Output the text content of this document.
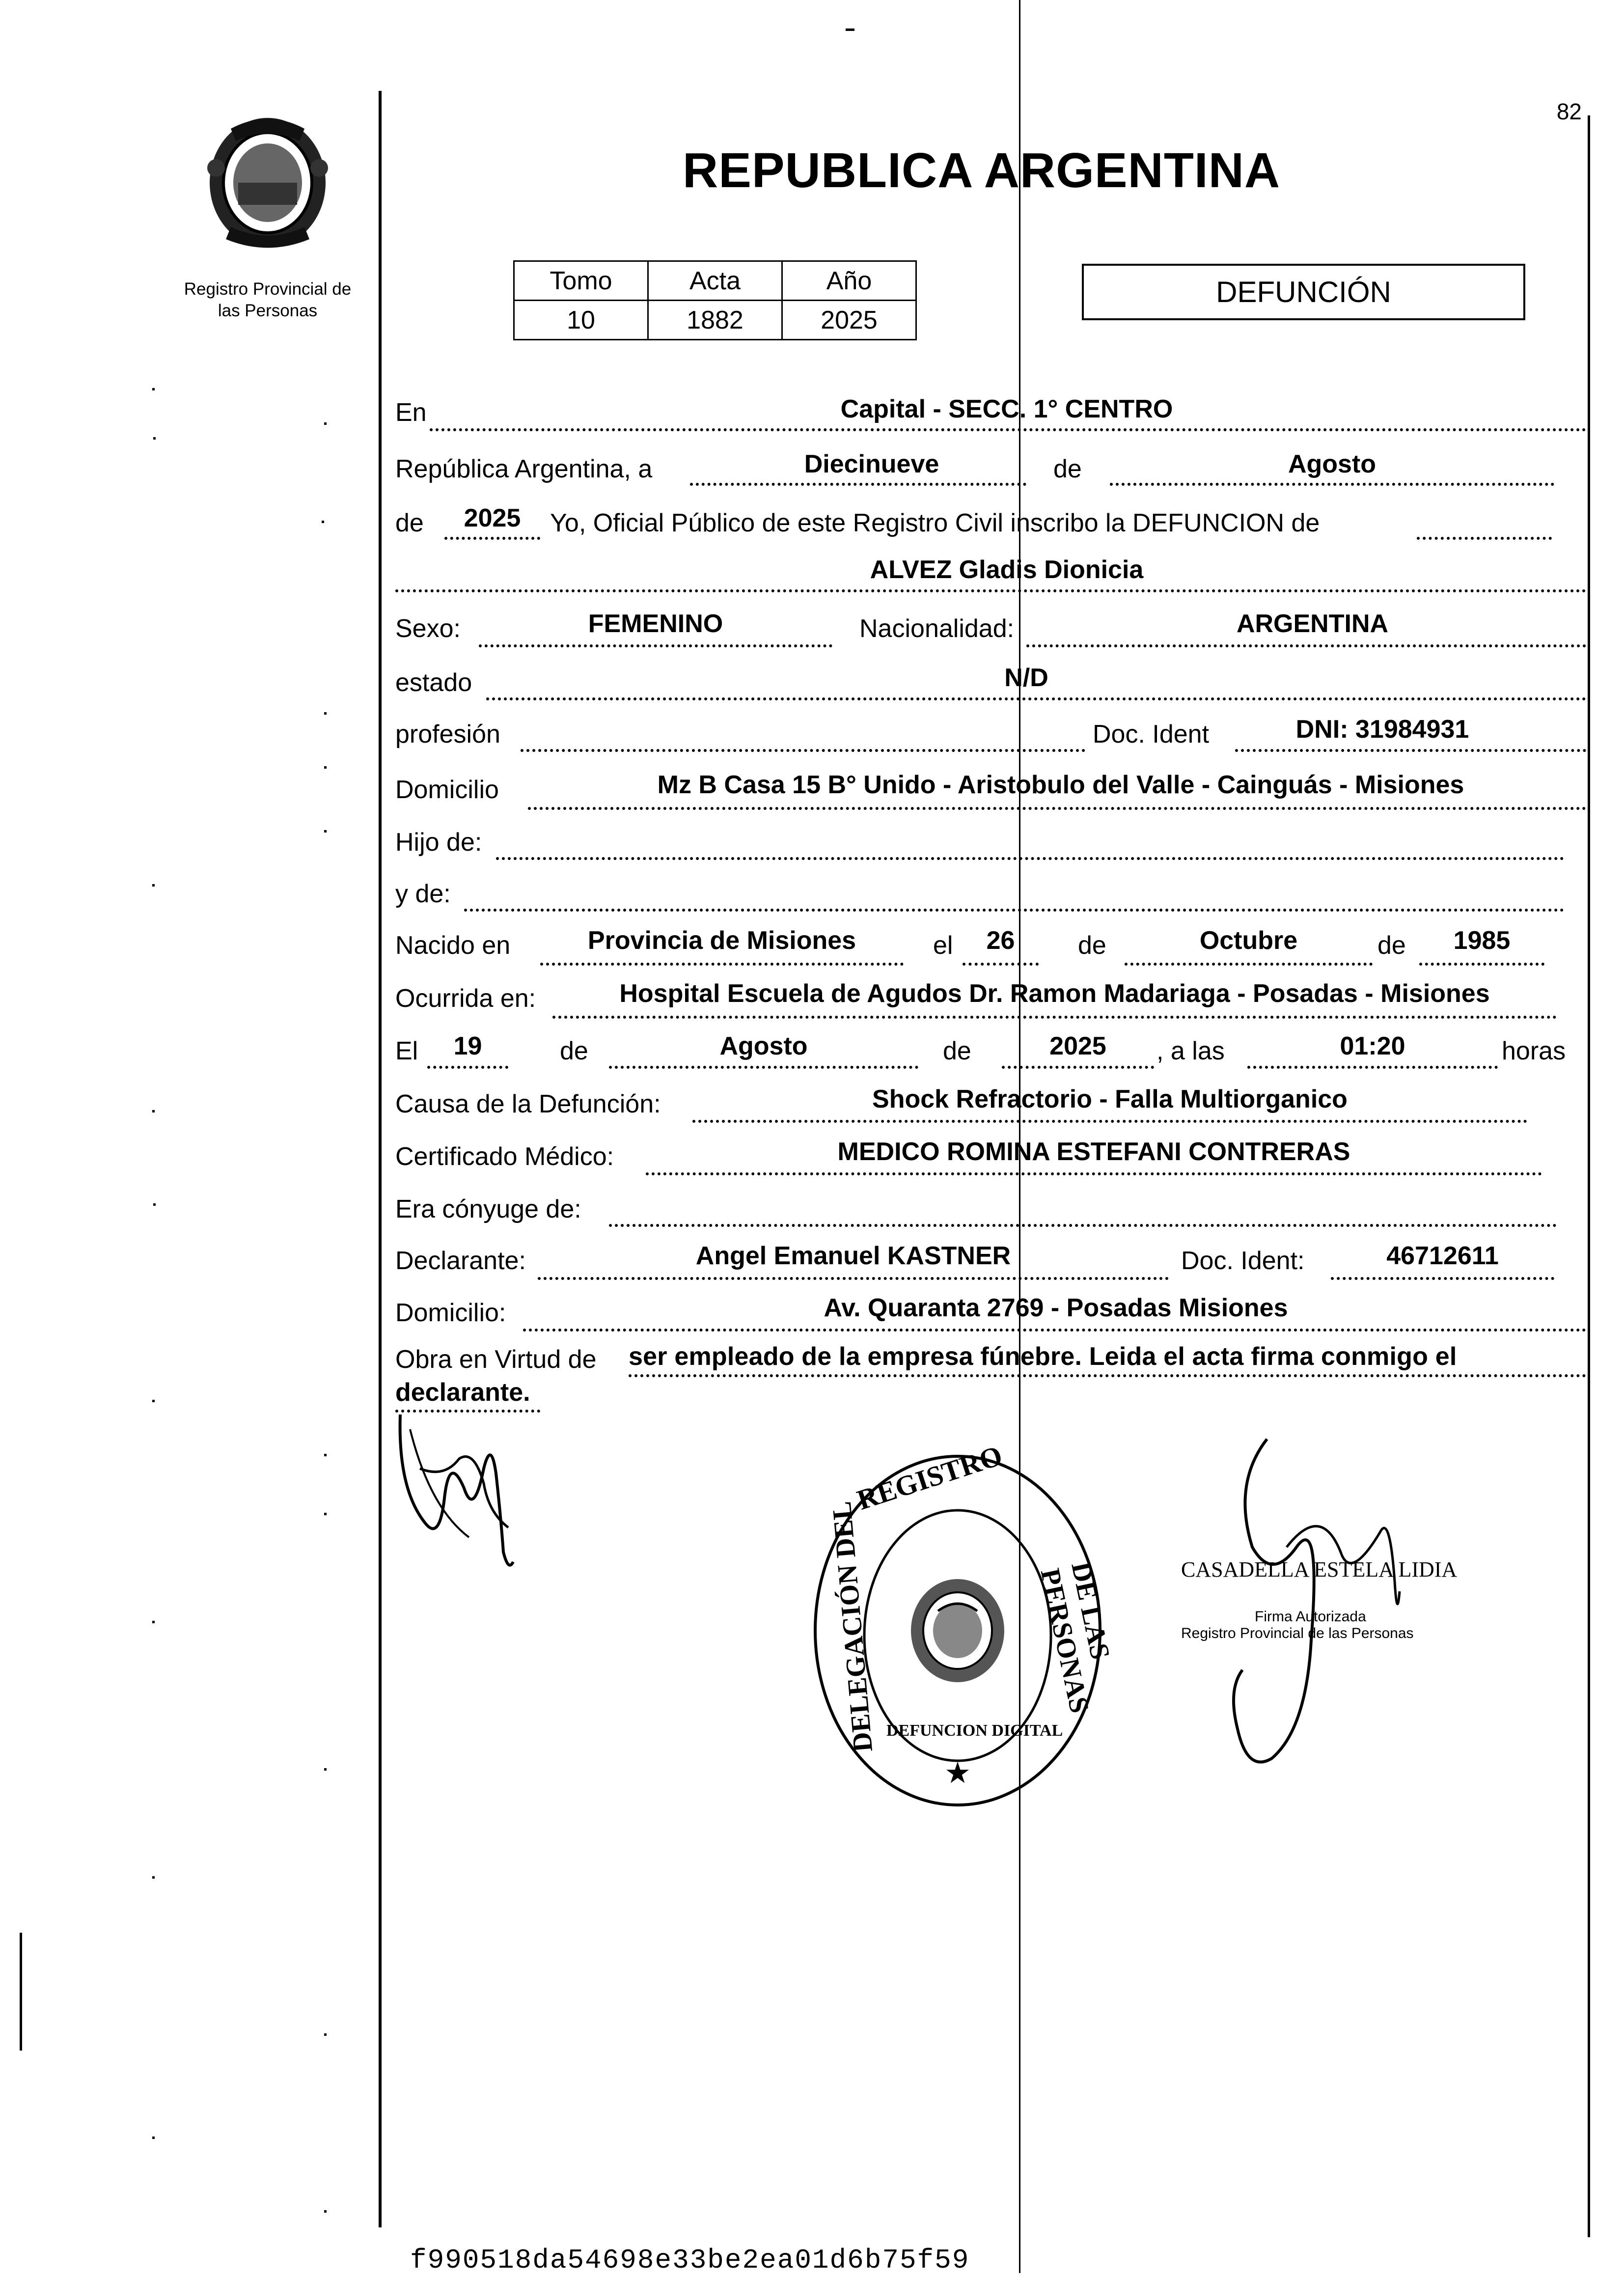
Registro Provincial de
las Personas
REPUBLICA ARGENTINA
82
Tomo	Acta	Año
10	1882	2025
DEFUNCIÓN
En	Capital - SECC. 1° CENTRO
República Argentina, a	Diecinueve	de	Agosto
de	2025	Yo, Oficial Público de este Registro Civil inscribo la DEFUNCION de
ALVEZ Gladis Dionicia
Sexo:	FEMENINO	Nacionalidad:	ARGENTINA
estado	N/D
profesión	Doc. Ident	DNI: 31984931
Domicilio	Mz B Casa 15 B° Unido - Aristobulo del Valle - Cainguás - Misiones
Hijo de:
y de:
Nacido en	Provincia de Misiones	el	26	de	Octubre	de	1985
Ocurrida en:	Hospital Escuela de Agudos Dr. Ramon Madariaga - Posadas - Misiones
El	19	de	Agosto	de	2025	, a las	01:20	horas
Causa de la Defunción:	Shock Refractorio - Falla Multiorganico
Certificado Médico:	MEDICO ROMINA ESTEFANI CONTRERAS
Era cónyuge de:
Declarante:	Angel Emanuel KASTNER	Doc. Ident:	46712611
Domicilio:	Av. Quaranta 2769 - Posadas Misiones
Obra en Virtud de ser empleado de la empresa fúnebre. Leida el acta firma conmigo el
declarante.
★
REGISTRO
DELEGACIÓN DEL	DE LAS PERSONAS
DEFUNCION DIGITAL
CASADELLA ESTELA LIDIA
Firma Autorizada
Registro Provincial de las Personas
f990518da54698e33be2ea01d6b75f59
